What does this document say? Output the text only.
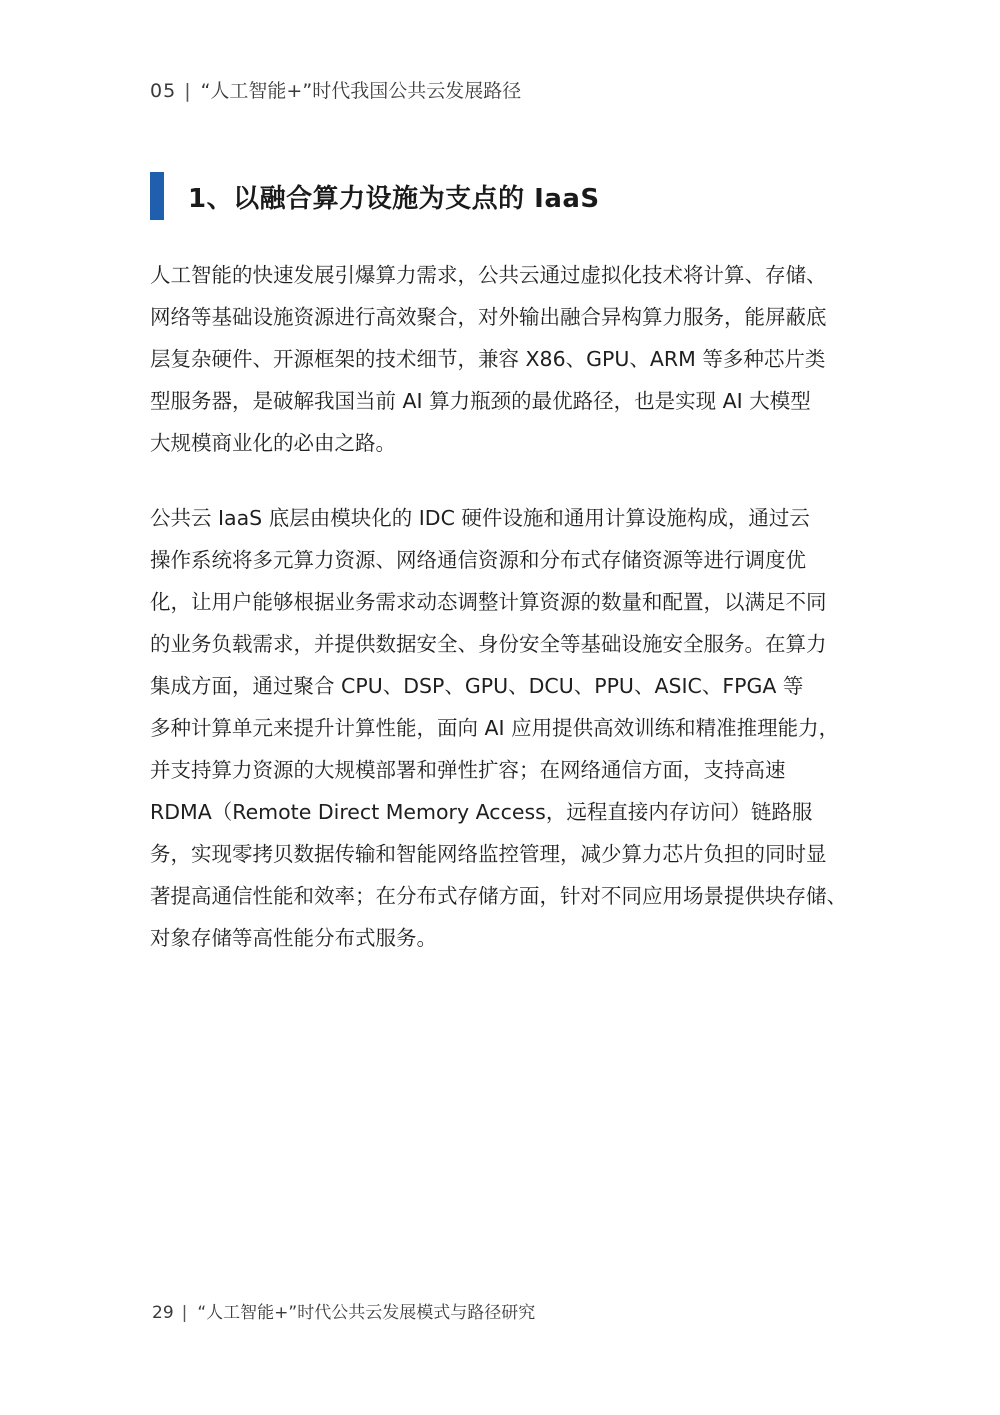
05 | “人工智能+”时代我国公共云发展路径
1、以融合算力设施为支点的 IaaS
人工智能的快速发展引爆算力需求，公共云通过虚拟化技术将计算、存储、
网络等基础设施资源进行高效聚合，对外输出融合异构算力服务，能屏蔽底
层复杂硬件、开源框架的技术细节，兼容 X86、GPU、ARM 等多种芯片类
型服务器，是破解我国当前 AI 算力瓶颈的最优路径，也是实现 AI 大模型
大规模商业化的必由之路。
公共云 IaaS 底层由模块化的 IDC 硬件设施和通用计算设施构成，通过云
操作系统将多元算力资源、网络通信资源和分布式存储资源等进行调度优
化，让用户能够根据业务需求动态调整计算资源的数量和配置，以满足不同
的业务负载需求，并提供数据安全、身份安全等基础设施安全服务。在算力
集成方面，通过聚合 CPU、DSP、GPU、DCU、PPU、ASIC、FPGA 等
多种计算单元来提升计算性能，面向 AI 应用提供高效训练和精准推理能力，
并支持算力资源的大规模部署和弹性扩容；在网络通信方面，支持高速
RDMA（Remote Direct Memory Access，远程直接内存访问）链路服
务，实现零拷贝数据传输和智能网络监控管理，减少算力芯片负担的同时显
著提高通信性能和效率；在分布式存储方面，针对不同应用场景提供块存储、
对象存储等高性能分布式服务。
29 | “人工智能+”时代公共云发展模式与路径研究
